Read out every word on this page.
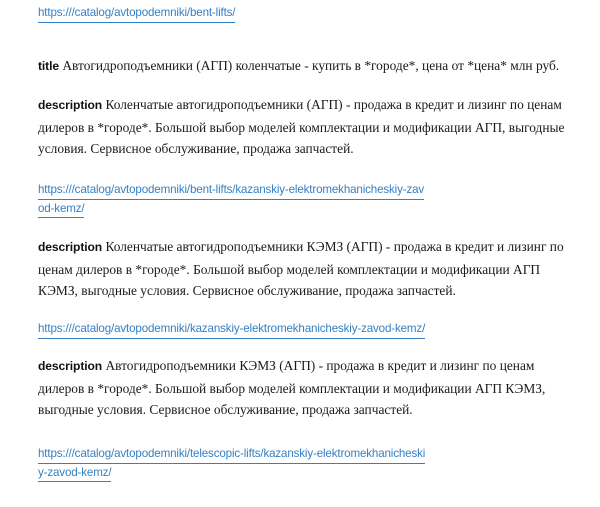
https:///catalog/avtopodemniki/bent-lifts/
title Автогидроподъемники (АГП) коленчатые - купить в *городе*, цена от *цена* млн руб.
description Коленчатые автогидроподъемники (АГП) - продажа в кредит и лизинг по ценам дилеров в *городе*. Большой выбор моделей комплектации и модификации АГП, выгодные условия. Сервисное обслуживание, продажа запчастей.
https:///catalog/avtopodemniki/bent-lifts/kazanskiy-elektromekhanicheskiy-zav
od-kemz/
description Коленчатые автогидроподъемники КЭМЗ (АГП) - продажа в кредит и лизинг по ценам дилеров в *городе*. Большой выбор моделей комплектации и модификации АГП КЭМЗ, выгодные условия. Сервисное обслуживание, продажа запчастей.
https:///catalog/avtopodemniki/kazanskiy-elektromekhanicheskiy-zavod-kemz/
description Автогидроподъемники КЭМЗ (АГП) - продажа в кредит и лизинг по ценам дилеров в *городе*. Большой выбор моделей комплектации и модификации АГП КЭМЗ, выгодные условия. Сервисное обслуживание, продажа запчастей.
https:///catalog/avtopodemniki/telescopic-lifts/kazanskiy-elektromekhanicheski
y-zavod-kemz/
